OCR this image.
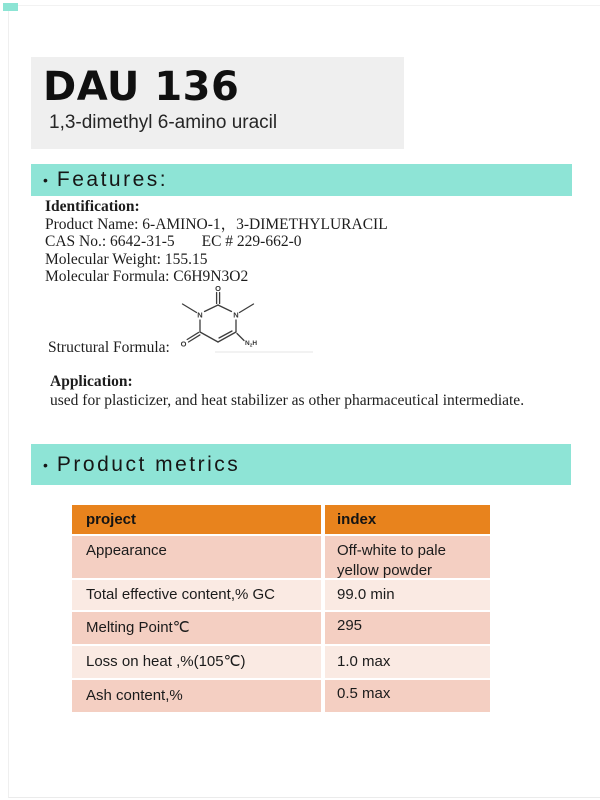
DAU 136
1,3-dimethyl 6-amino uracil
• Features:
Identification:
Product Name: 6-AMINO-1，3-DIMETHYLURACIL
CAS No.: 6642-31-5 EC # 229-662-0
Molecular Weight: 155.15
Molecular Formula: C6H9N3O2
Structural Formula:
N	N
O
O	$N_2H$
Application:
used for plasticizer, and heat stabilizer as other pharmaceutical intermediate.
• Product metrics
project	index
Appearance	Off-white to pale yellow powder
Total effective content,% GC	99.0 min
Melting Point℃	295
Loss on heat ,%(105℃)	1.0 max
Ash content,%	0.5 max
